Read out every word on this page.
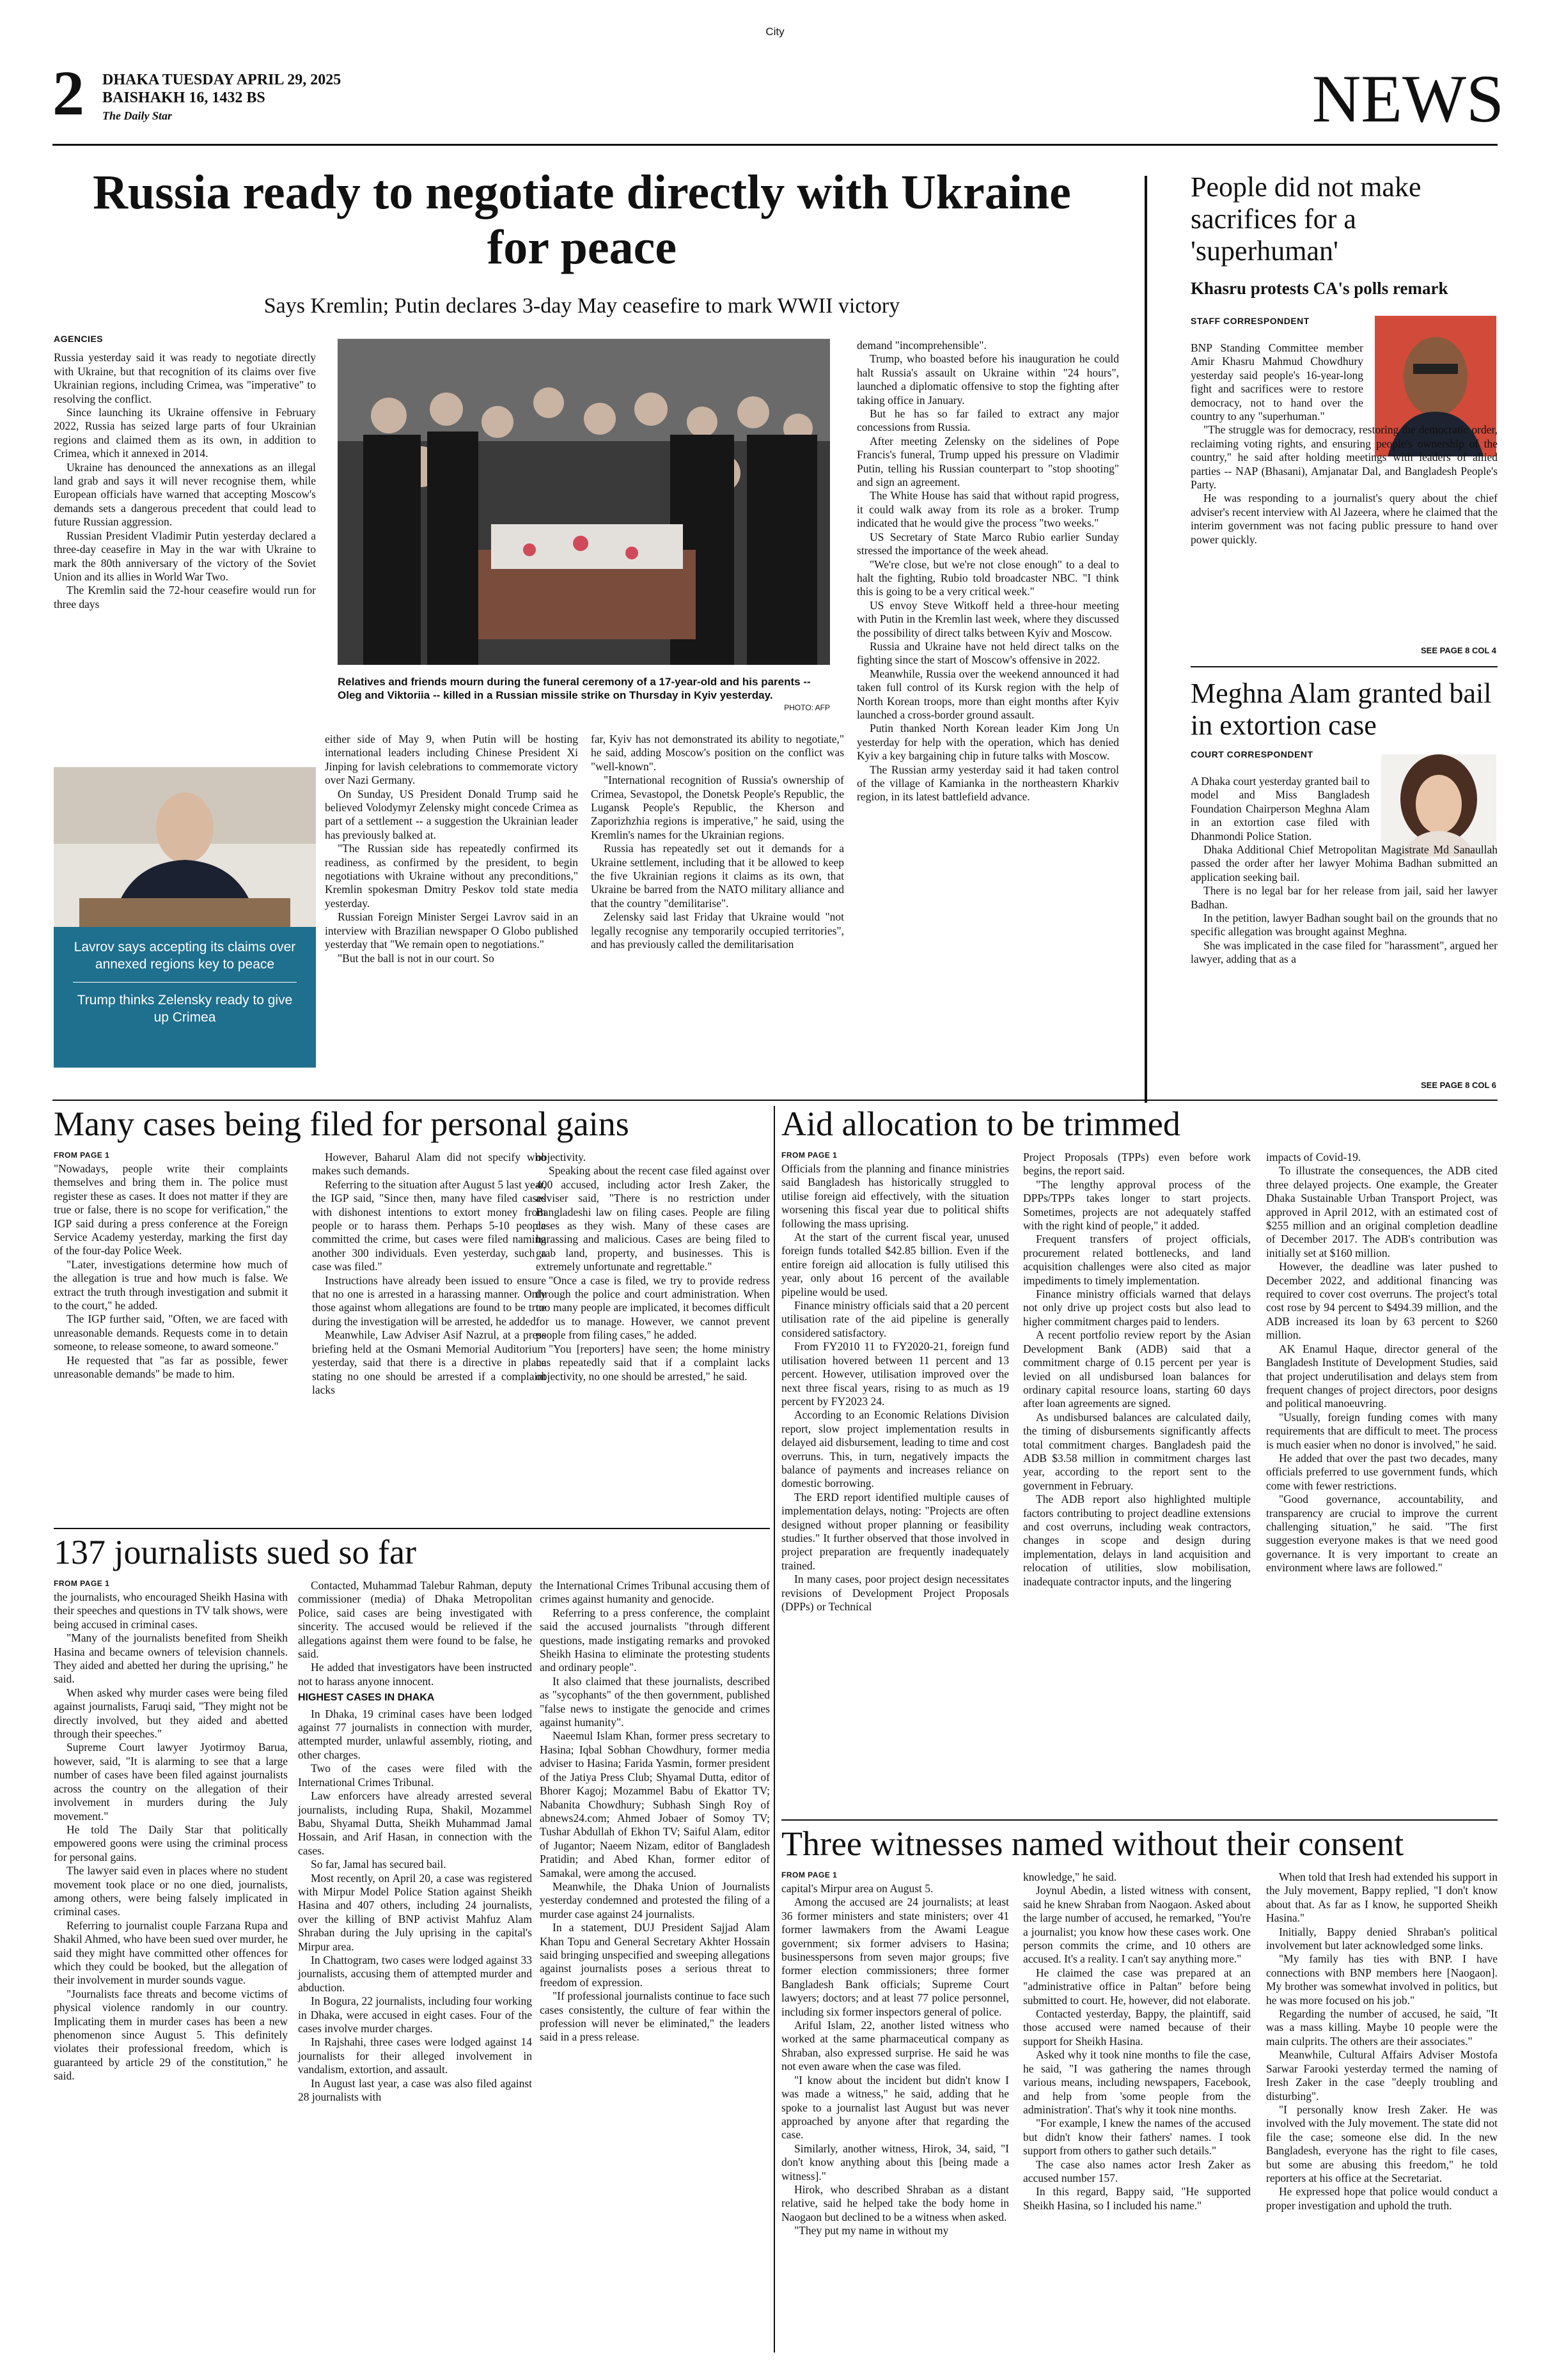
City
2 DHAKA TUESDAY APRIL 29, 2025
BAISHAKH 16, 1432 BS
The Daily Star	NEWS
Russia ready to negotiate directly with Ukraine for peace
Says Kremlin; Putin declares 3-day May ceasefire to mark WWII victory
AGENCIES

Russia yesterday said it was ready to negotiate directly with Ukraine, but that recognition of its claims over five Ukrainian regions, including Crimea, was "imperative" to resolving the conflict.

Since launching its Ukraine offensive in February 2022, Russia has seized large parts of four Ukrainian regions and claimed them as its own, in addition to Crimea, which it annexed in 2014.

Ukraine has denounced the annexations as an illegal land grab and says it will never recognise them, while European officials have warned that accepting Moscow's demands sets a dangerous precedent that could lead to future Russian aggression.

Russian President Vladimir Putin yesterday declared a three-day ceasefire in May in the war with Ukraine to mark the 80th anniversary of the victory of the Soviet Union and its allies in World War Two.

The Kremlin said the 72-hour ceasefire would run for three days

Lavrov says accepting its claims over annexed regions key to peace
Trump thinks Zelensky ready to give up Crimea
Relatives and friends mourn during the funeral ceremony of a 17-year-old and his parents -- Oleg and Viktoriia -- killed in a Russian missile strike on Thursday in Kyiv yesterday.
PHOTO: AFP

either side of May 9, when Putin will be hosting international leaders including Chinese President Xi Jinping for lavish celebrations to commemorate victory over Nazi Germany.

On Sunday, US President Donald Trump said he believed Volodymyr Zelensky might concede Crimea as part of a settlement -- a suggestion the Ukrainian leader has previously balked at.

"The Russian side has repeatedly confirmed its readiness, as confirmed by the president, to begin negotiations with Ukraine without any preconditions," Kremlin spokesman Dmitry Peskov told state media yesterday.

Russian Foreign Minister Sergei Lavrov said in an interview with Brazilian newspaper O Globo published yesterday that "We remain open to negotiations."

"But the ball is not in our court. So

far, Kyiv has not demonstrated its ability to negotiate," he said, adding Moscow's position on the conflict was "well-known".

"International recognition of Russia's ownership of Crimea, Sevastopol, the Donetsk People's Republic, the Lugansk People's Republic, the Kherson and Zaporizhzhia regions is imperative," he said, using the Kremlin's names for the Ukrainian regions.

Russia has repeatedly set out it demands for a Ukraine settlement, including that it be allowed to keep the five Ukrainian regions it claims as its own, that Ukraine be barred from the NATO military alliance and that the country "demilitarise".

Zelensky said last Friday that Ukraine would "not legally recognise any temporarily occupied territories", and has previously called the demilitarisation

demand "incomprehensible".

Trump, who boasted before his inauguration he could halt Russia's assault on Ukraine within "24 hours", launched a diplomatic offensive to stop the fighting after taking office in January.

But he has so far failed to extract any major concessions from Russia.

After meeting Zelensky on the sidelines of Pope Francis's funeral, Trump upped his pressure on Vladimir Putin, telling his Russian counterpart to "stop shooting" and sign an agreement.

The White House has said that without rapid progress, it could walk away from its role as a broker. Trump indicated that he would give the process "two weeks."

US Secretary of State Marco Rubio earlier Sunday stressed the importance of the week ahead.

"We're close, but we're not close enough" to a deal to halt the fighting, Rubio told broadcaster NBC. "I think this is going to be a very critical week."

US envoy Steve Witkoff held a three-hour meeting with Putin in the Kremlin last week, where they discussed the possibility of direct talks between Kyiv and Moscow.

Russia and Ukraine have not held direct talks on the fighting since the start of Moscow's offensive in 2022.

Meanwhile, Russia over the weekend announced it had taken full control of its Kursk region with the help of North Korean troops, more than eight months after Kyiv launched a cross-border ground assault.

Putin thanked North Korean leader Kim Jong Un yesterday for help with the operation, which has denied Kyiv a key bargaining chip in future talks with Moscow.

The Russian army yesterday said it had taken control of the village of Kamianka in the northeastern Kharkiv region, in its latest battlefield advance.

People did not make sacrifices for a 'superhuman'
Khasru protests CA's polls remark
STAFF CORRESPONDENT

BNP Standing Committee member Amir Khasru Mahmud Chowdhury yesterday said people's 16-year-long fight and sacrifices were to restore democracy, not to hand over the country to any "superhuman."

"The struggle was for democracy, restoring the democratic order, reclaiming voting rights, and ensuring people's ownership of the country," he said after holding meetings with leaders of allied parties -- NAP (Bhasani), Amjanatar Dal, and Bangladesh People's Party.

He was responding to a journalist's query about the chief adviser's recent interview with Al Jazeera, where he claimed that the interim government was not facing public pressure to hand over power quickly.

SEE PAGE 8 COL 4
Meghna Alam granted bail in extortion case
COURT CORRESPONDENT

A Dhaka court yesterday granted bail to model and Miss Bangladesh Foundation Chairperson Meghna Alam in an extortion case filed with Dhanmondi Police Station.

Dhaka Additional Chief Metropolitan Magistrate Md Sanaullah passed the order after her lawyer Mohima Badhan submitted an application seeking bail.

There is no legal bar for her release from jail, said her lawyer Badhan.

In the petition, lawyer Badhan sought bail on the grounds that no specific allegation was brought against Meghna.

She was implicated in the case filed for "harassment", argued her lawyer, adding that as a

SEE PAGE 8 COL 6
Many cases being filed for personal gains
FROM PAGE 1

"Nowadays, people write their complaints themselves and bring them in. The police must register these as cases. It does not matter if they are true or false, there is no scope for verification," the IGP said during a press conference at the Foreign Service Academy yesterday, marking the first day of the four-day Police Week.

"Later, investigations determine how much of the allegation is true and how much is false. We extract the truth through investigation and submit it to the court," he added.

The IGP further said, "Often, we are faced with unreasonable demands. Requests come in to detain someone, to release someone, to award someone."

He requested that "as far as possible, fewer unreasonable demands" be made to him.

However, Baharul Alam did not specify who makes such demands.

Referring to the situation after August 5 last year, the IGP said, "Since then, many have filed cases with dishonest intentions to extort money from people or to harass them. Perhaps 5-10 people committed the crime, but cases were filed naming another 300 individuals. Even yesterday, such a case was filed."

Instructions have already been issued to ensure that no one is arrested in a harassing manner. Only those against whom allegations are found to be true during the investigation will be arrested, he added.

Meanwhile, Law Adviser Asif Nazrul, at a press briefing held at the Osmani Memorial Auditorium yesterday, said that there is a directive in place stating no one should be arrested if a complaint lacks

objectivity.

Speaking about the recent case filed against over 400 accused, including actor Iresh Zaker, the adviser said, "There is no restriction under Bangladeshi law on filing cases. People are filing cases as they wish. Many of these cases are harassing and malicious. Cases are being filed to grab land, property, and businesses. This is extremely unfortunate and regrettable."

"Once a case is filed, we try to provide redress through the police and court administration. When too many people are implicated, it becomes difficult for us to manage. However, we cannot prevent people from filing cases," he added.

"You [reporters] have seen; the home ministry has repeatedly said that if a complaint lacks objectivity, no one should be arrested," he said.

137 journalists sued so far
FROM PAGE 1

the journalists, who encouraged Sheikh Hasina with their speeches and questions in TV talk shows, were being accused in criminal cases.

"Many of the journalists benefited from Sheikh Hasina and became owners of television channels. They aided and abetted her during the uprising," he said.

When asked why murder cases were being filed against journalists, Faruqi said, "They might not be directly involved, but they aided and abetted through their speeches."

Supreme Court lawyer Jyotirmoy Barua, however, said, "It is alarming to see that a large number of cases have been filed against journalists across the country on the allegation of their involvement in murders during the July movement."

He told The Daily Star that politically empowered goons were using the criminal process for personal gains.

The lawyer said even in places where no student movement took place or no one died, journalists, among others, were being falsely implicated in criminal cases.

Referring to journalist couple Farzana Rupa and Shakil Ahmed, who have been sued over murder, he said they might have committed other offences for which they could be booked, but the allegation of their involvement in murder sounds vague.

"Journalists face threats and become victims of physical violence randomly in our country. Implicating them in murder cases has been a new phenomenon since August 5. This definitely violates their professional freedom, which is guaranteed by article 29 of the constitution," he said.

Contacted, Muhammad Talebur Rahman, deputy commissioner (media) of Dhaka Metropolitan Police, said cases are being investigated with sincerity. The accused would be relieved if the allegations against them were found to be false, he said.

He added that investigators have been instructed not to harass anyone innocent.

HIGHEST CASES IN DHAKA

In Dhaka, 19 criminal cases have been lodged against 77 journalists in connection with murder, attempted murder, unlawful assembly, rioting, and other charges.

Two of the cases were filed with the International Crimes Tribunal.

Law enforcers have already arrested several journalists, including Rupa, Shakil, Mozammel Babu, Shyamal Dutta, Sheikh Muhammad Jamal Hossain, and Arif Hasan, in connection with the cases.

So far, Jamal has secured bail.

Most recently, on April 20, a case was registered with Mirpur Model Police Station against Sheikh Hasina and 407 others, including 24 journalists, over the killing of BNP activist Mahfuz Alam Shraban during the July uprising in the capital's Mirpur area.

In Chattogram, two cases were lodged against 33 journalists, accusing them of attempted murder and abduction.

In Bogura, 22 journalists, including four working in Dhaka, were accused in eight cases. Four of the cases involve murder charges.

In Rajshahi, three cases were lodged against 14 journalists for their alleged involvement in vandalism, extortion, and assault.

In August last year, a case was also filed against 28 journalists with

the International Crimes Tribunal accusing them of crimes against humanity and genocide.

Referring to a press conference, the complaint said the accused journalists "through different questions, made instigating remarks and provoked Sheikh Hasina to eliminate the protesting students and ordinary people".

It also claimed that these journalists, described as "sycophants" of the then government, published "false news to instigate the genocide and crimes against humanity".

Naeemul Islam Khan, former press secretary to Hasina; Iqbal Sobhan Chowdhury, former media adviser to Hasina; Farida Yasmin, former president of the Jatiya Press Club; Shyamal Dutta, editor of Bhorer Kagoj; Mozammel Babu of Ekattor TV; Nabanita Chowdhury; Subhash Singh Roy of abnews24.com; Ahmed Jobaer of Somoy TV; Tushar Abdullah of Ekhon TV; Saiful Alam, editor of Jugantor; Naeem Nizam, editor of Bangladesh Pratidin; and Abed Khan, former editor of Samakal, were among the accused.

Meanwhile, the Dhaka Union of Journalists yesterday condemned and protested the filing of a murder case against 24 journalists.

In a statement, DUJ President Sajjad Alam Khan Topu and General Secretary Akhter Hossain said bringing unspecified and sweeping allegations against journalists poses a serious threat to freedom of expression.

"If professional journalists continue to face such cases consistently, the culture of fear within the profession will never be eliminated," the leaders said in a press release.

Aid allocation to be trimmed
FROM PAGE 1

Officials from the planning and finance ministries said Bangladesh has historically struggled to utilise foreign aid effectively, with the situation worsening this fiscal year due to political shifts following the mass uprising.

At the start of the current fiscal year, unused foreign funds totalled $42.85 billion. Even if the entire foreign aid allocation is fully utilised this year, only about 16 percent of the available pipeline would be used.

Finance ministry officials said that a 20 percent utilisation rate of the aid pipeline is generally considered satisfactory.

From FY2010 11 to FY2020-21, foreign fund utilisation hovered between 11 percent and 13 percent. However, utilisation improved over the next three fiscal years, rising to as much as 19 percent by FY2023 24.

According to an Economic Relations Division report, slow project implementation results in delayed aid disbursement, leading to time and cost overruns. This, in turn, negatively impacts the balance of payments and increases reliance on domestic borrowing.

The ERD report identified multiple causes of implementation delays, noting: "Projects are often designed without proper planning or feasibility studies." It further observed that those involved in project preparation are frequently inadequately trained.

In many cases, poor project design necessitates revisions of Development Project Proposals (DPPs) or Technical

Project Proposals (TPPs) even before work begins, the report said.

"The lengthy approval process of the DPPs/TPPs takes longer to start projects. Sometimes, projects are not adequately staffed with the right kind of people," it added.

Frequent transfers of project officials, procurement related bottlenecks, and land acquisition challenges were also cited as major impediments to timely implementation.

Finance ministry officials warned that delays not only drive up project costs but also lead to higher commitment charges paid to lenders.

A recent portfolio review report by the Asian Development Bank (ADB) said that a commitment charge of 0.15 percent per year is levied on all undisbursed loan balances for ordinary capital resource loans, starting 60 days after loan agreements are signed.

As undisbursed balances are calculated daily, the timing of disbursements significantly affects total commitment charges. Bangladesh paid the ADB $3.58 million in commitment charges last year, according to the report sent to the government in February.

The ADB report also highlighted multiple factors contributing to project deadline extensions and cost overruns, including weak contractors, changes in scope and design during implementation, delays in land acquisition and relocation of utilities, slow mobilisation, inadequate contractor inputs, and the lingering

impacts of Covid-19.

To illustrate the consequences, the ADB cited three delayed projects. One example, the Greater Dhaka Sustainable Urban Transport Project, was approved in April 2012, with an estimated cost of $255 million and an original completion deadline of December 2017. The ADB's contribution was initially set at $160 million.

However, the deadline was later pushed to December 2022, and additional financing was required to cover cost overruns. The project's total cost rose by 94 percent to $494.39 million, and the ADB increased its loan by 63 percent to $260 million.

AK Enamul Haque, director general of the Bangladesh Institute of Development Studies, said that project underutilisation and delays stem from frequent changes of project directors, poor designs and political manoeuvring.

"Usually, foreign funding comes with many requirements that are difficult to meet. The process is much easier when no donor is involved," he said.

He added that over the past two decades, many officials preferred to use government funds, which come with fewer restrictions.

"Good governance, accountability, and transparency are crucial to improve the current challenging situation," he said. "The first suggestion everyone makes is that we need good governance. It is very important to create an environment where laws are followed."

Three witnesses named without their consent
FROM PAGE 1

capital's Mirpur area on August 5.

Among the accused are 24 journalists; at least 36 former ministers and state ministers; over 41 former lawmakers from the Awami League government; six former advisers to Hasina; businesspersons from seven major groups; five former election commissioners; three former Bangladesh Bank officials; Supreme Court lawyers; doctors; and at least 77 police personnel, including six former inspectors general of police.

Ariful Islam, 22, another listed witness who worked at the same pharmaceutical company as Shraban, also expressed surprise. He said he was not even aware when the case was filed.

"I know about the incident but didn't know I was made a witness," he said, adding that he spoke to a journalist last August but was never approached by anyone after that regarding the case.

Similarly, another witness, Hirok, 34, said, "I don't know anything about this [being made a witness]."

Hirok, who described Shraban as a distant relative, said he helped take the body home in Naogaon but declined to be a witness when asked.

"They put my name in without my

knowledge," he said.

Joynul Abedin, a listed witness with consent, said he knew Shraban from Naogaon. Asked about the large number of accused, he remarked, "You're a journalist; you know how these cases work. One person commits the crime, and 10 others are accused. It's a reality. I can't say anything more."

He claimed the case was prepared at an "administrative office in Paltan" before being submitted to court. He, however, did not elaborate.

Contacted yesterday, Bappy, the plaintiff, said those accused were named because of their support for Sheikh Hasina.

Asked why it took nine months to file the case, he said, "I was gathering the names through various means, including newspapers, Facebook, and help from 'some people from the administration'. That's why it took nine months.

"For example, I knew the names of the accused but didn't know their fathers' names. I took support from others to gather such details."

The case also names actor Iresh Zaker as accused number 157.

In this regard, Bappy said, "He supported Sheikh Hasina, so I included his name."

When told that Iresh had extended his support in the July movement, Bappy replied, "I don't know about that. As far as I know, he supported Sheikh Hasina."

Initially, Bappy denied Shraban's political involvement but later acknowledged some links.

"My family has ties with BNP. I have connections with BNP members here [Naogaon]. My brother was somewhat involved in politics, but he was more focused on his job."

Regarding the number of accused, he said, "It was a mass killing. Maybe 10 people were the main culprits. The others are their associates."

Meanwhile, Cultural Affairs Adviser Mostofa Sarwar Farooki yesterday termed the naming of Iresh Zaker in the case "deeply troubling and disturbing".

"I personally know Iresh Zaker. He was involved with the July movement. The state did not file the case; someone else did. In the new Bangladesh, everyone has the right to file cases, but some are abusing this freedom," he told reporters at his office at the Secretariat.

He expressed hope that police would conduct a proper investigation and uphold the truth.
